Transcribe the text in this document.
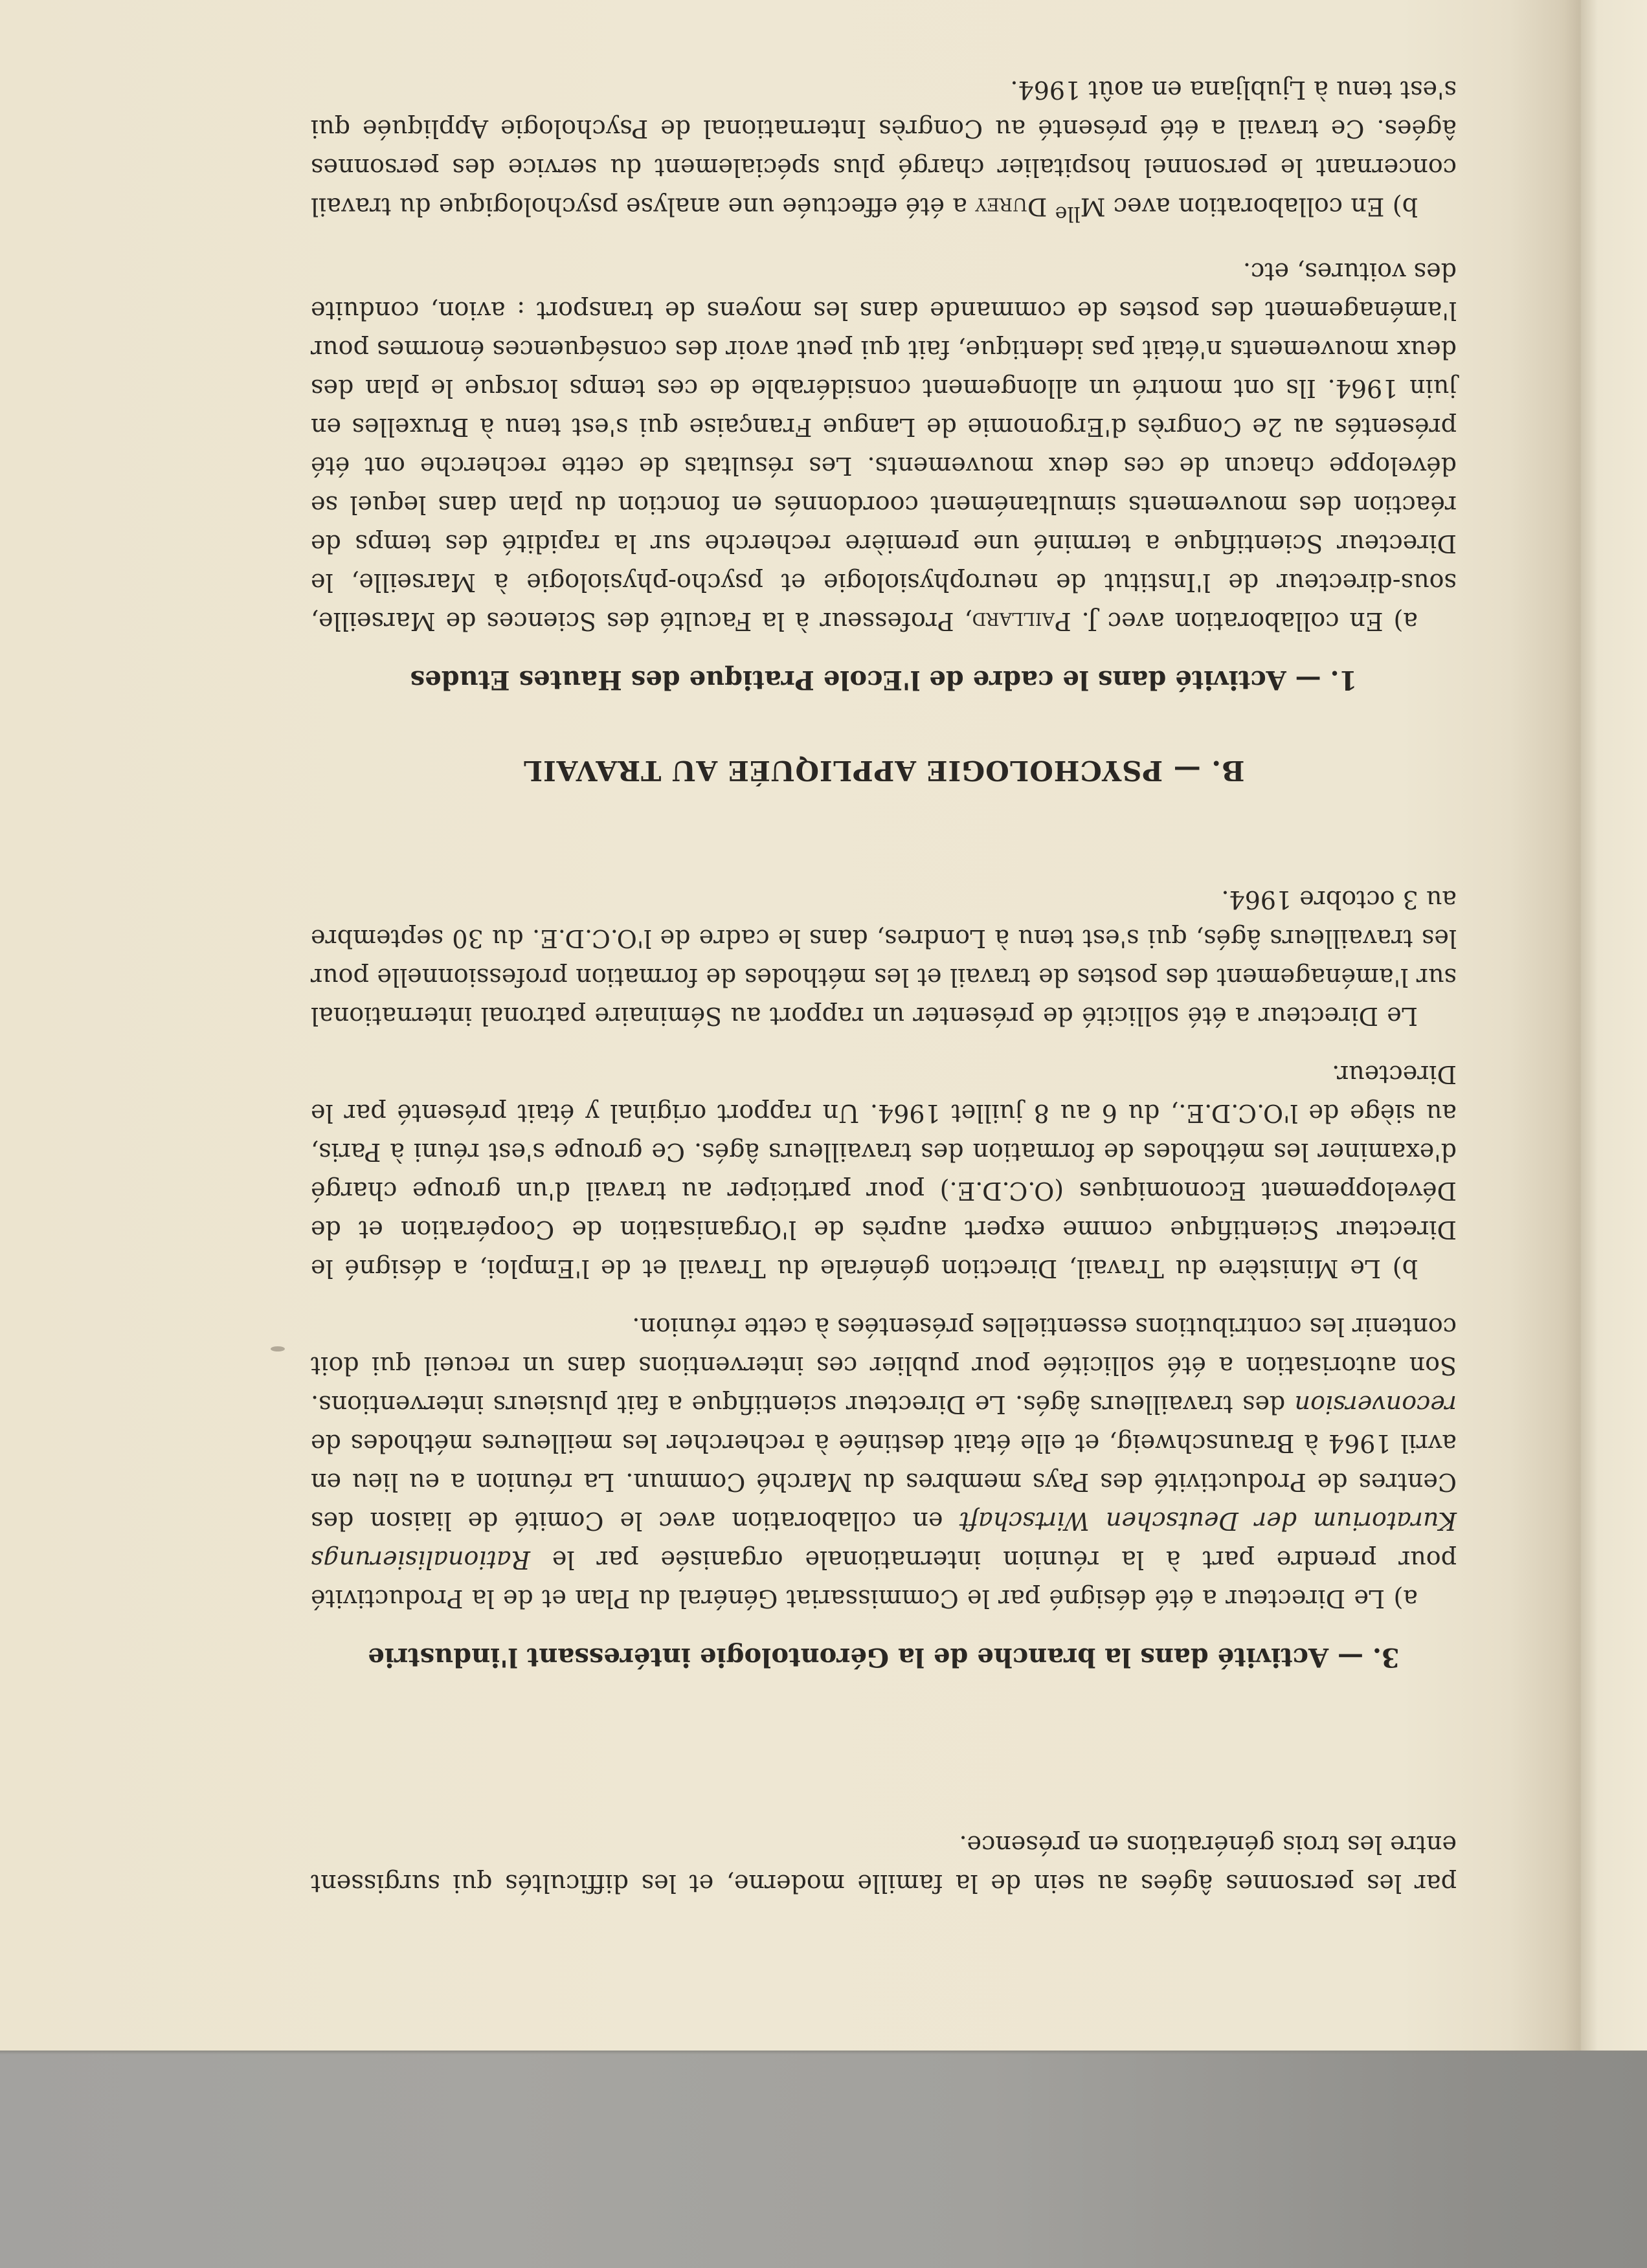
par les personnes âgées au sein de la famille moderne, et les difficultés qui surgissent entre les trois générations en présence.

3. — Activité dans la branche de la Gérontologie intéressant l'industrie

a) Le Directeur a été désigné par le Commissariat Général du Plan et de la Productivité pour prendre part à la réunion internationale organisée par le Rationalisierungs Kuratorium der Deutschen Wirtschaft en collaboration avec le Comité de liaison des Centres de Productivité des Pays membres du Marché Commun. La réunion a eu lieu en avril 1964 à Braunschweig, et elle était destinée à rechercher les meilleures méthodes de reconversion des travailleurs âgés. Le Directeur scientifique a fait plusieurs interventions. Son autorisation a été sollicitée pour publier ces interventions dans un recueil qui doit contenir les contributions essentielles présentées à cette réunion.

b) Le Ministère du Travail, Direction générale du Travail et de l'Emploi, a désigné le Directeur Scientifique comme expert auprès de l'Organisation de Coopération et de Développement Economiques (O.C.D.E.) pour participer au travail d'un groupe chargé d'examiner les méthodes de formation des travailleurs âgés. Ce groupe s'est réuni à Paris, au siège de l'O.C.D.E., du 6 au 8 juillet 1964. Un rapport original y était présenté par le Directeur.

Le Directeur a été sollicité de présenter un rapport au Séminaire patronal international sur l'aménagement des postes de travail et les méthodes de formation professionnelle pour les travailleurs âgés, qui s'est tenu à Londres, dans le cadre de l'O.C.D.E. du 30 septembre au 3 octobre 1964.

B. — PSYCHOLOGIE APPLIQUÉE AU TRAVAIL

1. — Activité dans le cadre de l'Ecole Pratique des Hautes Etudes

a) En collaboration avec J. Paillard, Professeur à la Faculté des Sciences de Marseille, sous-directeur de l'Institut de neurophysiologie et psycho-physiologie à Marseille, le Directeur Scientifique a terminé une première recherche sur la rapidité des temps de réaction des mouvements simultanément coordonnés en fonction du plan dans lequel se développe chacun de ces deux mouvements. Les résultats de cette recherche ont été présentés au 2e Congrès d'Ergonomie de Langue Française qui s'est tenu à Bruxelles en juin 1964. Ils ont montré un allongement considérable de ces temps lorsque le plan des deux mouvements n'était pas identique, fait qui peut avoir des conséquences énormes pour l'aménagement des postes de commande dans les moyens de transport : avion, conduite des voitures, etc.

b) En collaboration avec $M^{lle}$ Durey a été effectuée une analyse psychologique du travail concernant le personnel hospitalier chargé plus spécialement du service des personnes âgées. Ce travail a été présenté au Congrès International de Psychologie Appliquée qui s'est tenu à Ljubljana en août 1964.
